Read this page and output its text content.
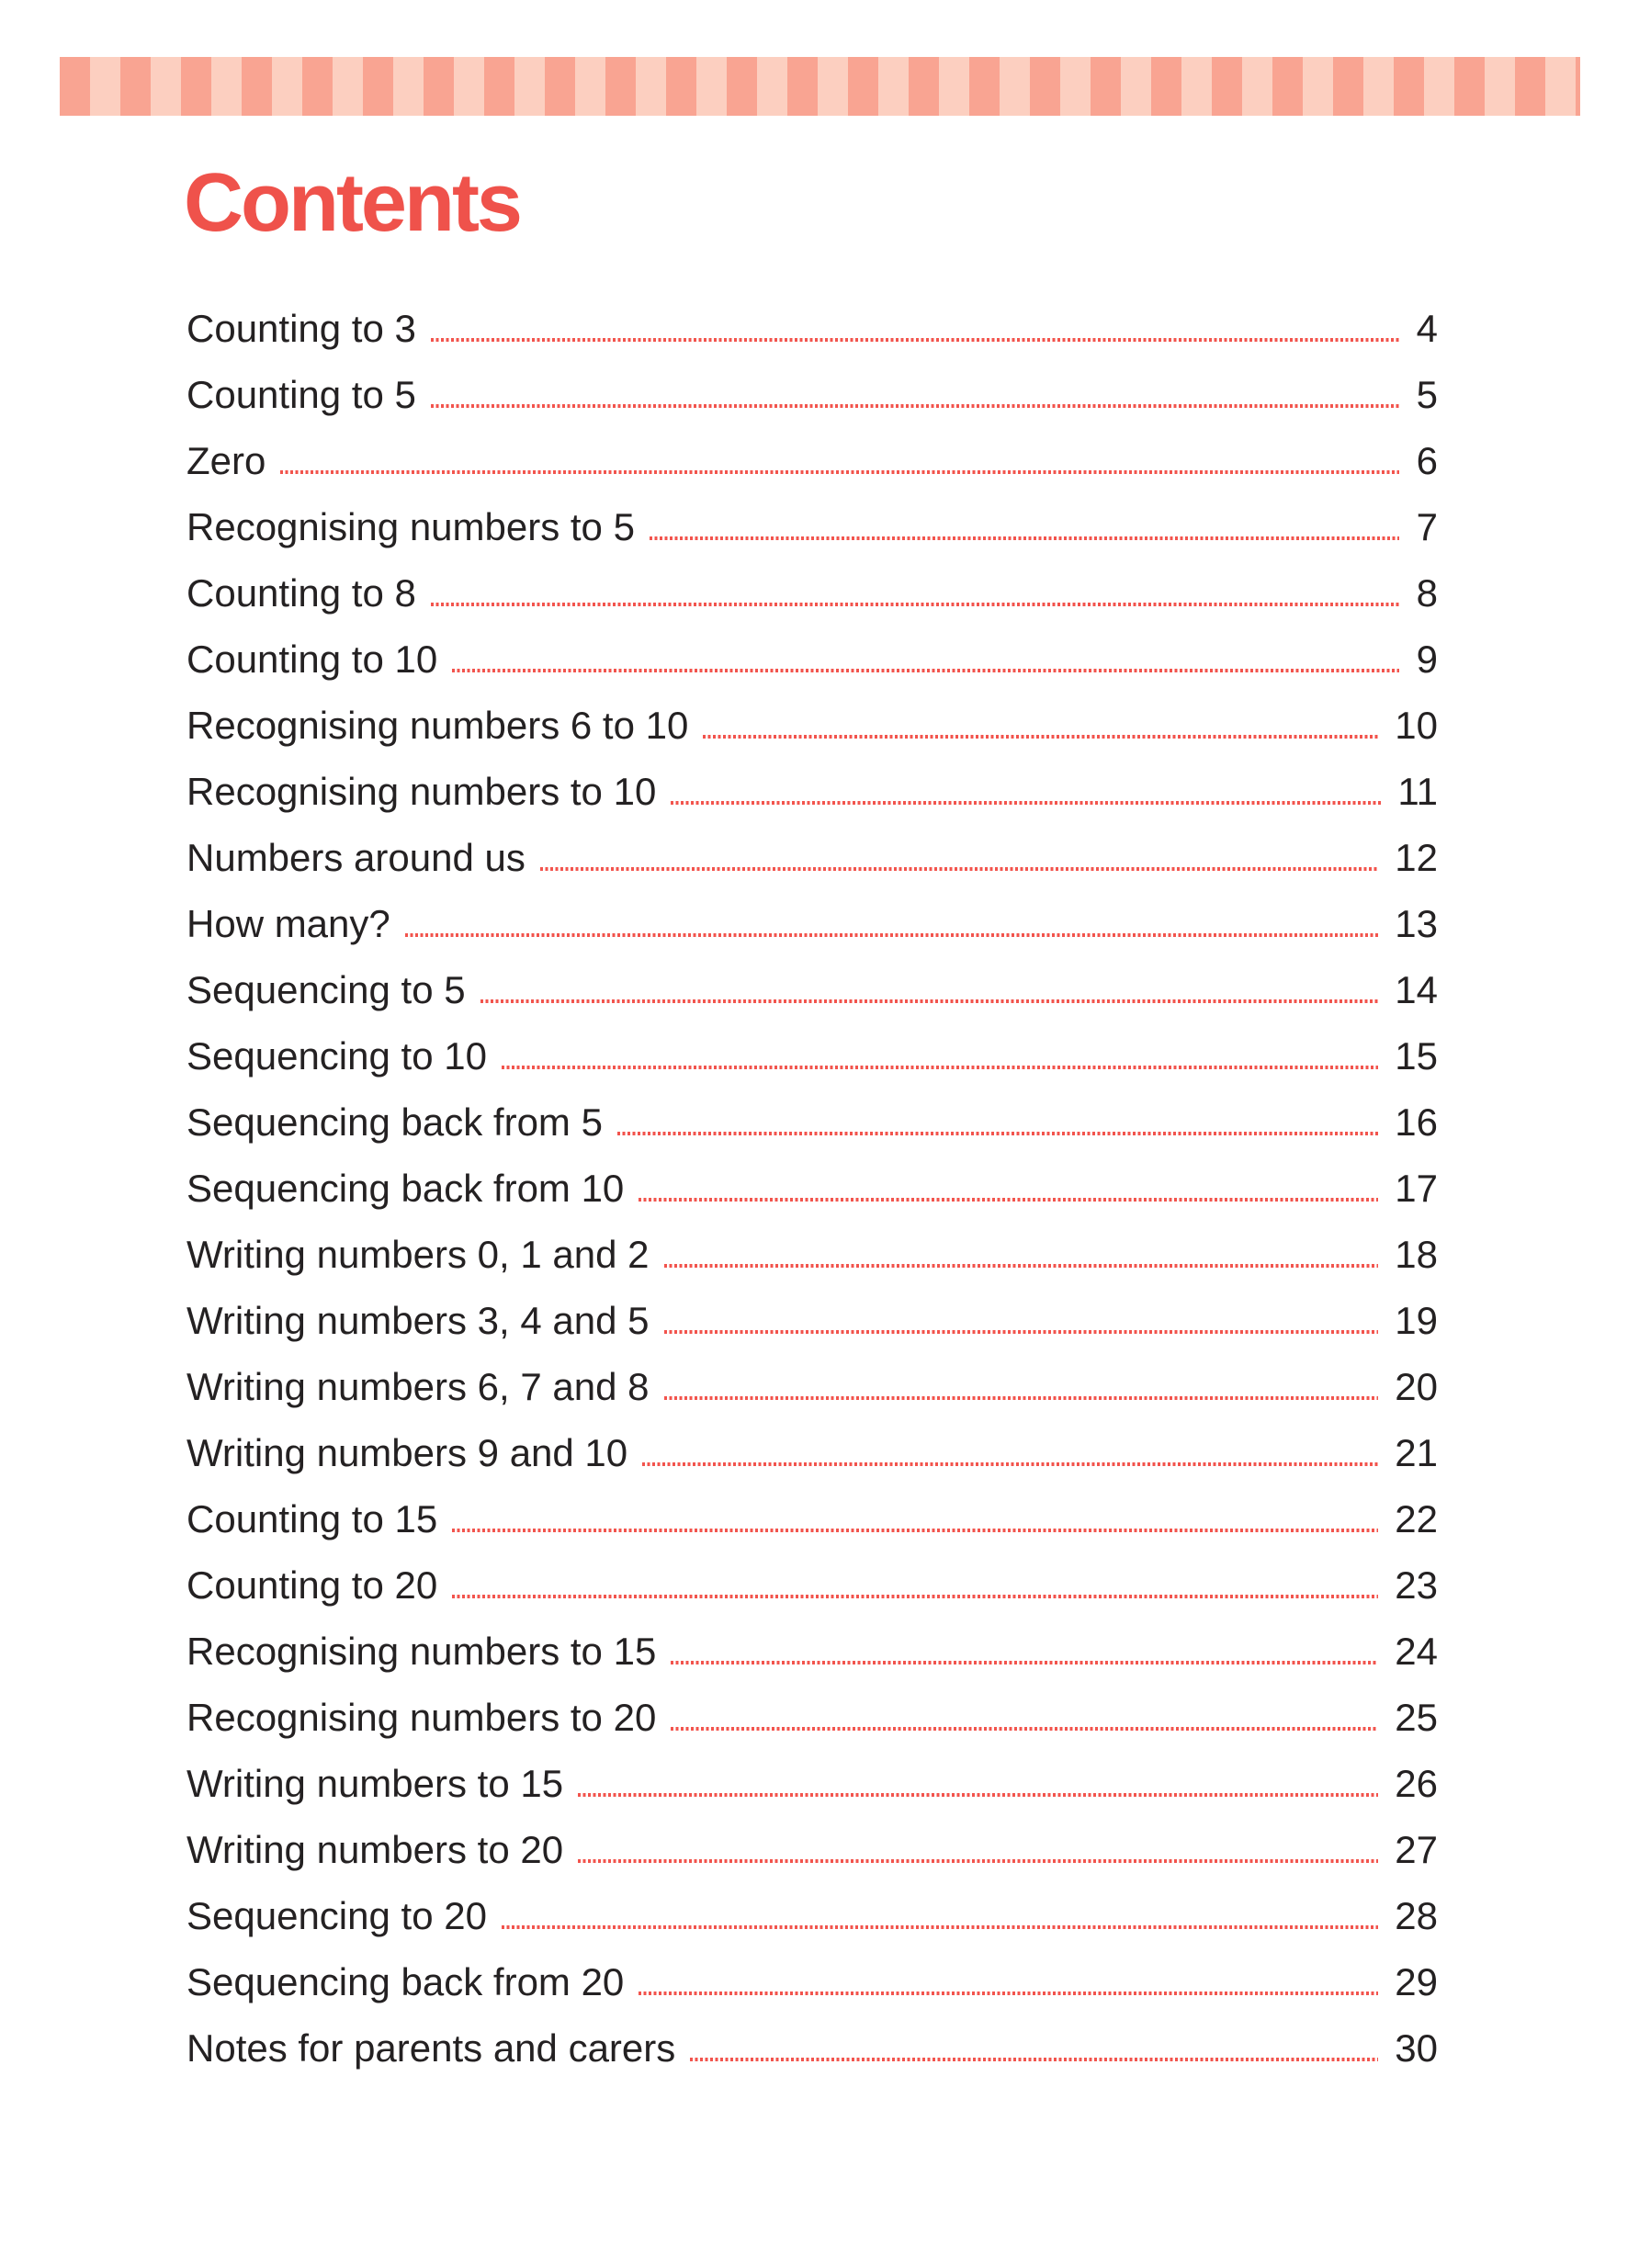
Contents
Counting to 3	4
Counting to 5	5
Zero	6
Recognising numbers to 5	7
Counting to 8	8
Counting to 10	9
Recognising numbers 6 to 10	10
Recognising numbers to 10	11
Numbers around us	12
How many?	13
Sequencing to 5	14
Sequencing to 10	15
Sequencing back from 5	16
Sequencing back from 10	17
Writing numbers 0, 1 and 2	18
Writing numbers 3, 4 and 5	19
Writing numbers 6, 7 and 8	20
Writing numbers 9 and 10	21
Counting to 15	22
Counting to 20	23
Recognising numbers to 15	24
Recognising numbers to 20	25
Writing numbers to 15	26
Writing numbers to 20	27
Sequencing to 20	28
Sequencing back from 20	29
Notes for parents and carers	30
